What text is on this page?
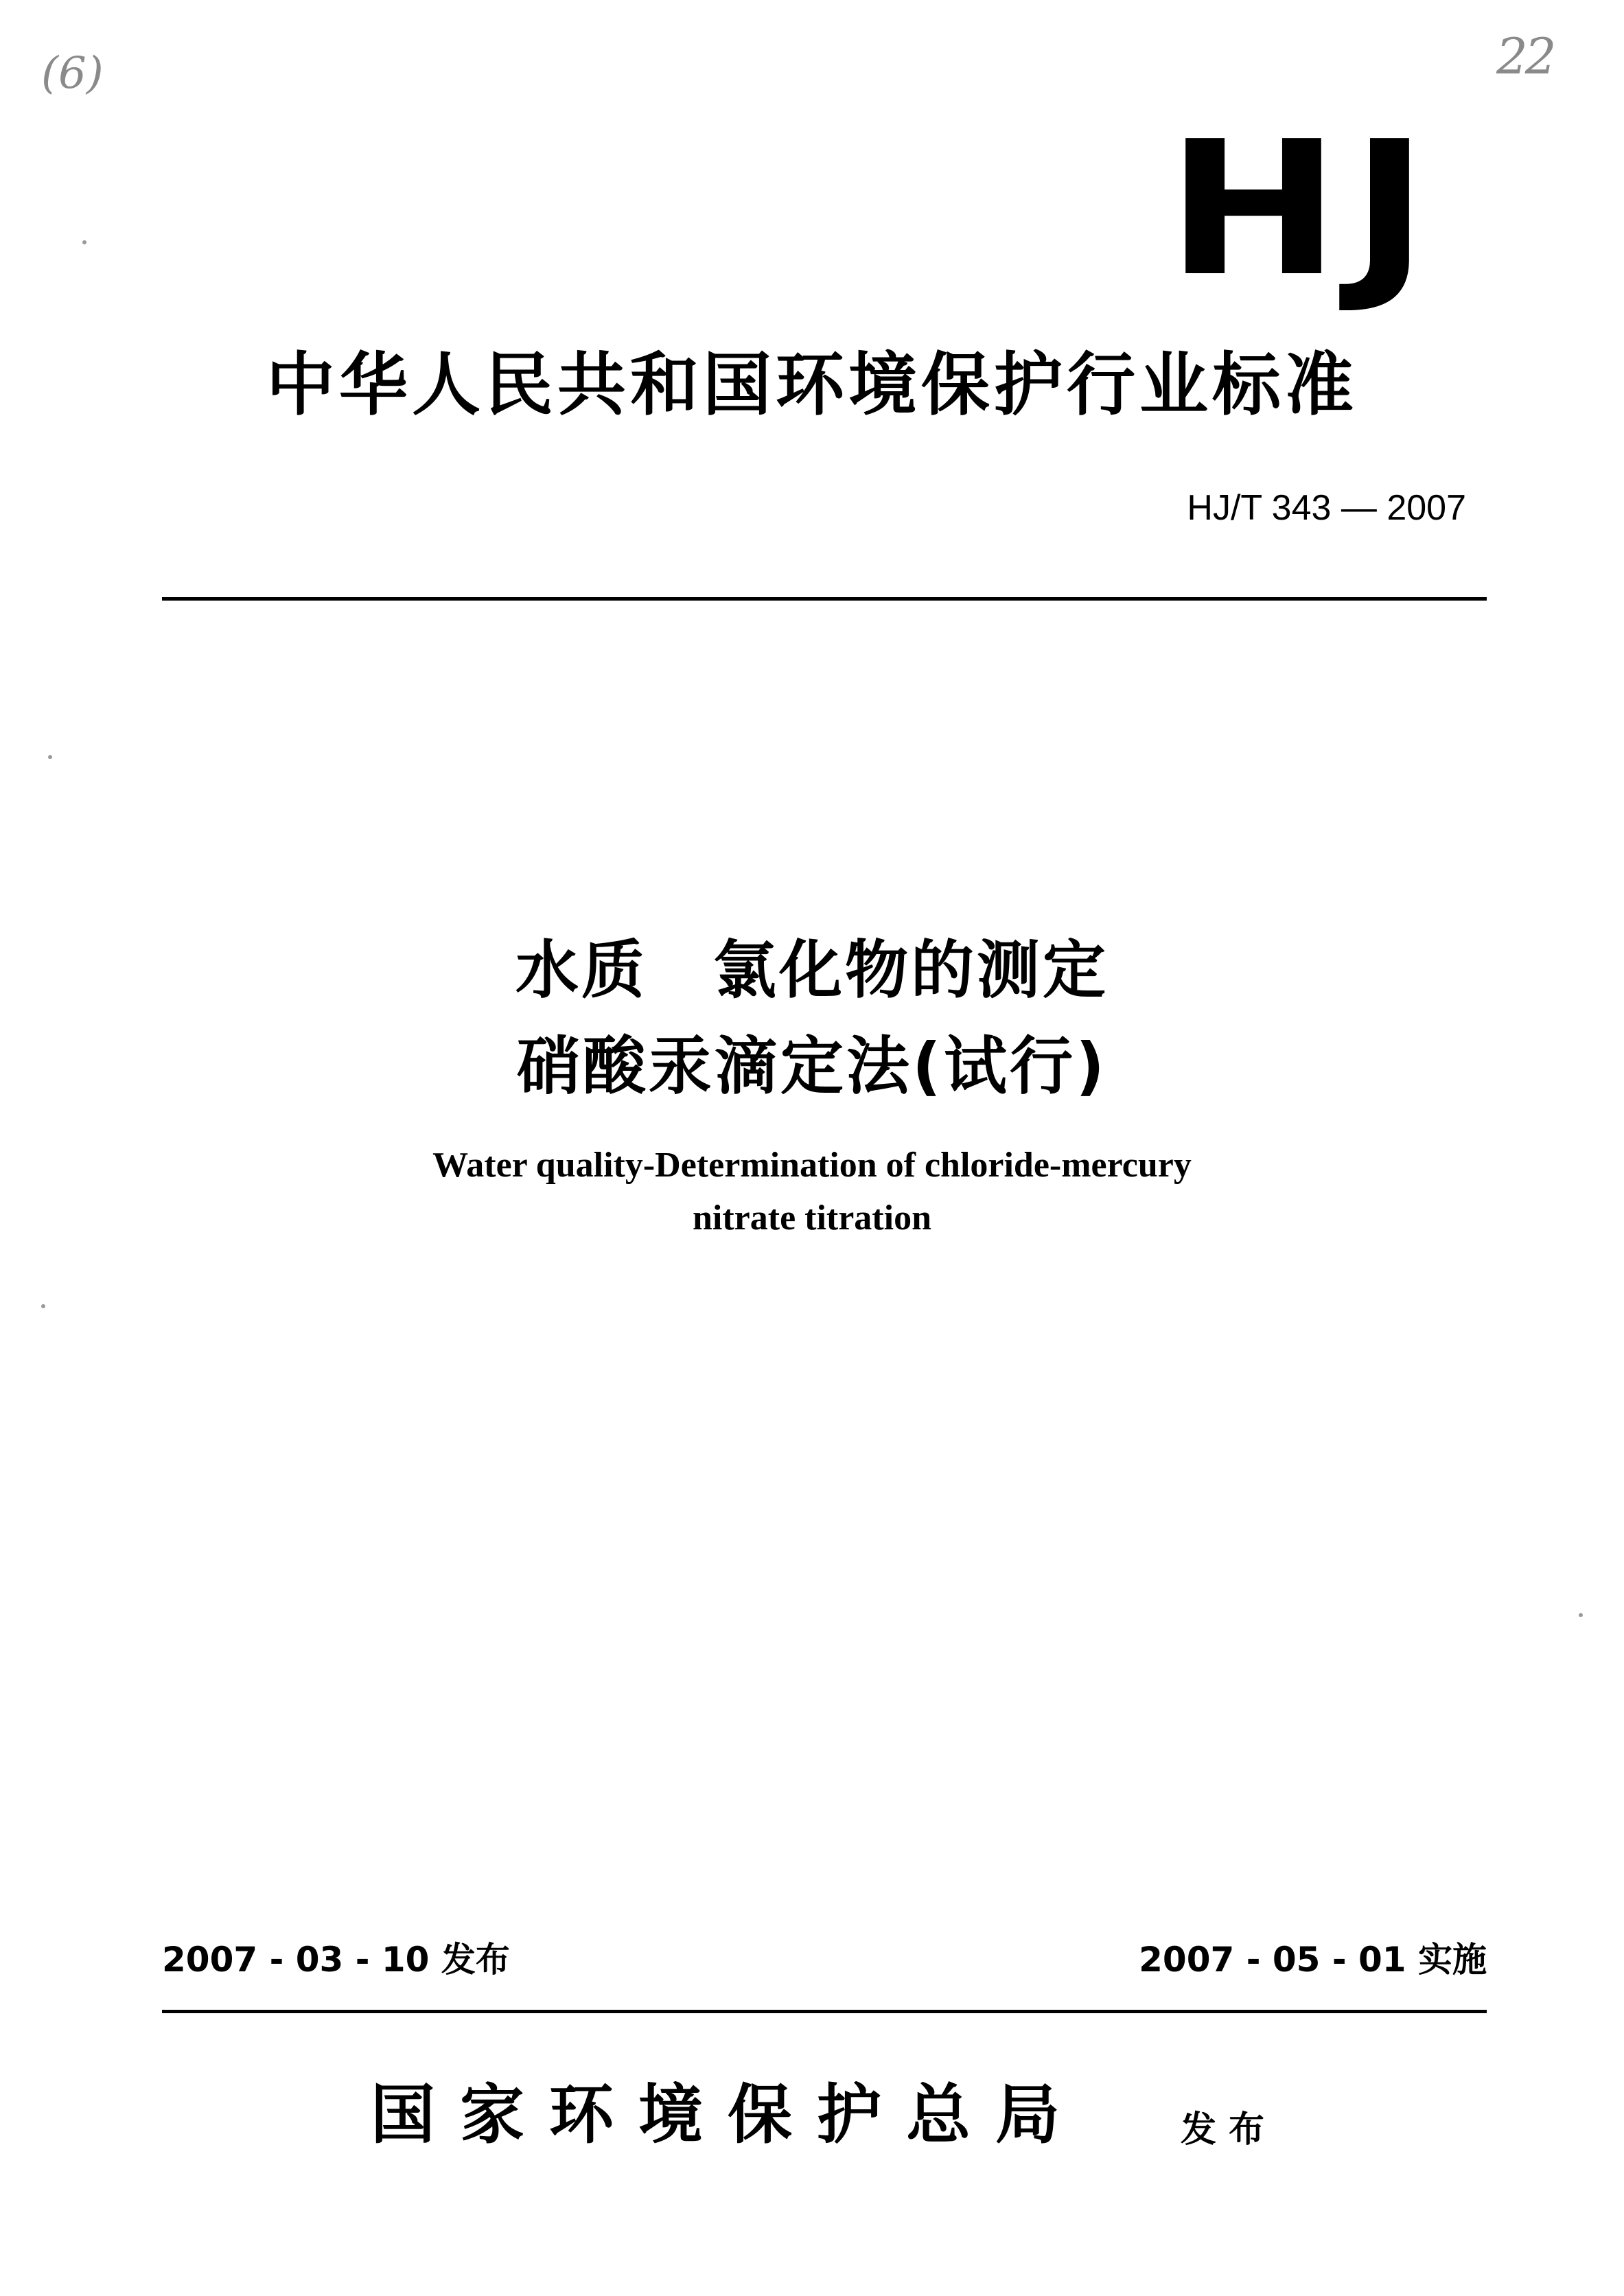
(6)	22
HJ
中华人民共和国环境保护行业标准
HJ/T 343 — 2007
水质　氯化物的测定
硝酸汞滴定法(试行)
Water quality-Determination of chloride-mercury
nitrate titration
2007 - 03 - 10 发布	2007 - 05 - 01 实施
国家环境保护总局	发布
